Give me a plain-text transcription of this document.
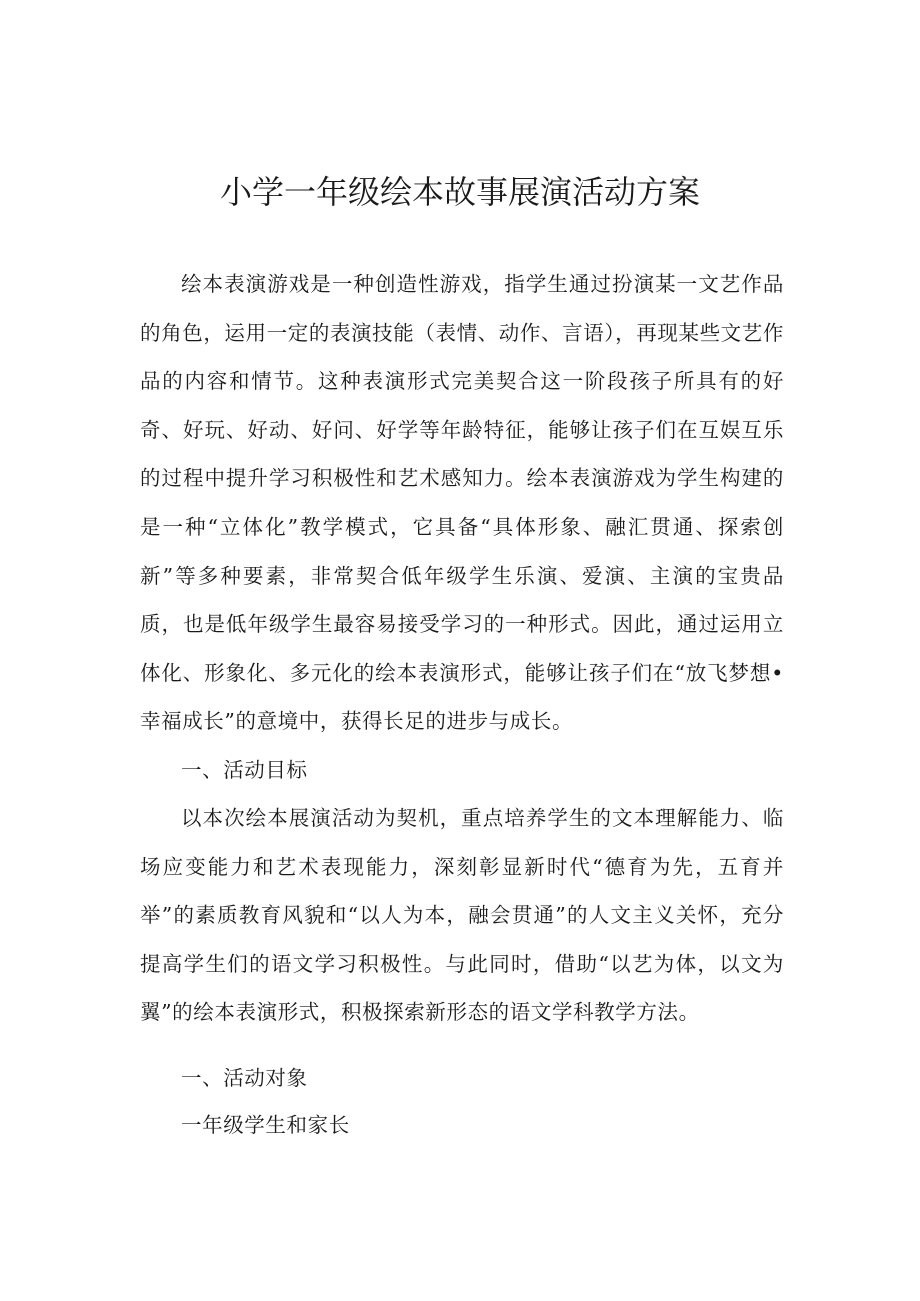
小学一年级绘本故事展演活动方案

绘本表演游戏是一种创造性游戏，指学生通过扮演某一文艺作品的角色，运用一定的表演技能（表情、动作、言语），再现某些文艺作品的内容和情节。这种表演形式完美契合这一阶段孩子所具有的好奇、好玩、好动、好问、好学等年龄特征，能够让孩子们在互娱互乐的过程中提升学习积极性和艺术感知力。绘本表演游戏为学生构建的是一种“立体化”教学模式，它具备“具体形象、融汇贯通、探索创新”等多种要素，非常契合低年级学生乐演、爱演、主演的宝贵品质，也是低年级学生最容易接受学习的一种形式。因此，通过运用立体化、形象化、多元化的绘本表演形式，能够让孩子们在“放飞梦想•幸福成长”的意境中，获得长足的进步与成长。

一、活动目标

以本次绘本展演活动为契机，重点培养学生的文本理解能力、临场应变能力和艺术表现能力，深刻彰显新时代“德育为先，五育并举”的素质教育风貌和“以人为本，融会贯通”的人文主义关怀，充分提高学生们的语文学习积极性。与此同时，借助“以艺为体，以文为翼”的绘本表演形式，积极探索新形态的语文学科教学方法。

一、活动对象

一年级学生和家长
